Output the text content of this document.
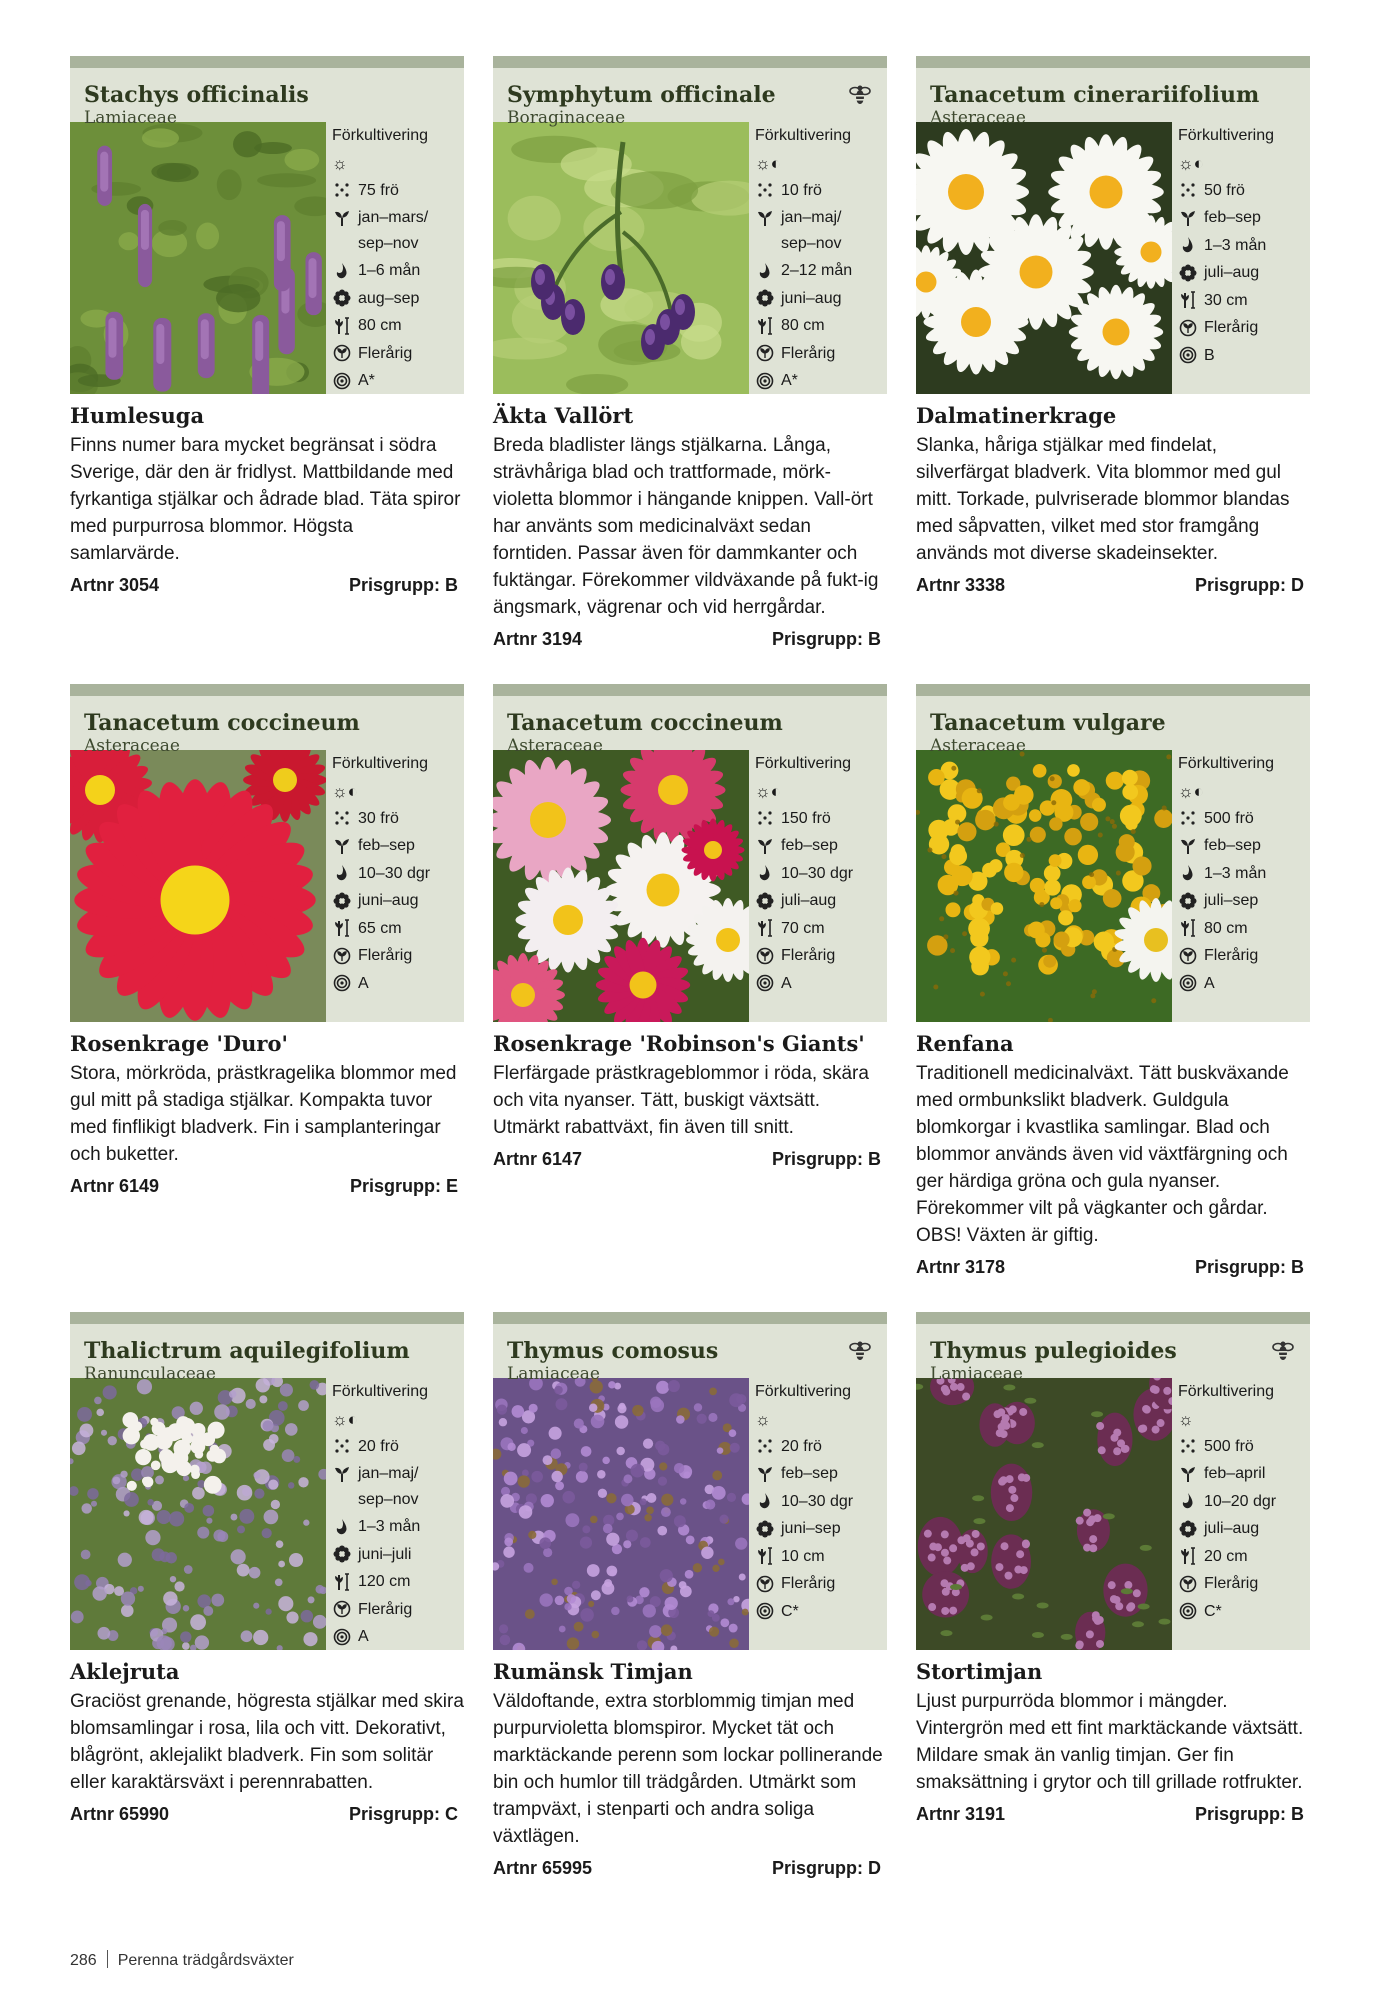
Stachys officinalis
Lamiaceae
Förkultivering
☼
75 frö
jan–mars/
sep–nov
1–6 mån
aug–sep
80 cm
Flerårig
A*
Humlesuga
Finns numer bara mycket begränsat i södra Sverige, där den är fridlyst. Mattbildande med fyrkantiga stjälkar och ådrade blad. Täta spiror med purpurrosa blommor. Högsta samlarvärde.
Artnr 3054	Prisgrupp: B
Symphytum officinale
Boraginaceae
Förkultivering
☼◐
10 frö
jan–maj/
sep–nov
2–12 mån
juni–aug
80 cm
Flerårig
A*
Äkta Vallört
Breda bladlister längs stjälkarna. Långa, strävhåriga blad och trattformade, mörk-violetta blommor i hängande knippen. Vall-ört har använts som medicinalväxt sedan forntiden. Passar även för dammkanter och fuktängar. Förekommer vildväxande på fukt-ig ängsmark, vägrenar och vid herrgårdar.
Artnr 3194	Prisgrupp: B
Tanacetum cinerariifolium
Asteraceae
Förkultivering
☼◐
50 frö
feb–sep
1–3 mån
juli–aug
30 cm
Flerårig
B
Dalmatinerkrage
Slanka, håriga stjälkar med findelat, silverfärgat bladverk. Vita blommor med gul mitt. Torkade, pulvriserade blommor blandas med såpvatten, vilket med stor framgång används mot diverse skadeinsekter.
Artnr 3338	Prisgrupp: D
Tanacetum coccineum
Asteraceae
Förkultivering
☼◐
30 frö
feb–sep
10–30 dgr
juni–aug
65 cm
Flerårig
A
Rosenkrage 'Duro'
Stora, mörkröda, prästkragelika blommor med gul mitt på stadiga stjälkar. Kompakta tuvor med finflikigt bladverk. Fin i samplanteringar och buketter.
Artnr 6149	Prisgrupp: E
Tanacetum coccineum
Asteraceae
Förkultivering
☼◐
150 frö
feb–sep
10–30 dgr
juli–aug
70 cm
Flerårig
A
Rosenkrage 'Robinson's Giants'
Flerfärgade prästkrageblommor i röda, skära och vita nyanser. Tätt, buskigt växtsätt. Utmärkt rabattväxt, fin även till snitt.
Artnr 6147	Prisgrupp: B
Tanacetum vulgare
Asteraceae
Förkultivering
☼◐
500 frö
feb–sep
1–3 mån
juli–sep
80 cm
Flerårig
A
Renfana
Traditionell medicinalväxt. Tätt buskväxande med ormbunkslikt bladverk. Guldgula blomkorgar i kvastlika samlingar. Blad och blommor används även vid växtfärgning och ger härdiga gröna och gula nyanser. Förekommer vilt på vägkanter och gårdar. OBS! Växten är giftig.
Artnr 3178	Prisgrupp: B
Thalictrum aquilegifolium
Ranunculaceae
Förkultivering
☼◐
20 frö
jan–maj/
sep–nov
1–3 mån
juni–juli
120 cm
Flerårig
A
Aklejruta
Graciöst grenande, högresta stjälkar med skira blomsamlingar i rosa, lila och vitt. Dekorativt, blågrönt, aklejalikt bladverk. Fin som solitär eller karaktärsväxt i perennrabatten.
Artnr 65990	Prisgrupp: C
Thymus comosus
Lamiaceae
Förkultivering
☼
20 frö
feb–sep
10–30 dgr
juni–sep
10 cm
Flerårig
C*
Rumänsk Timjan
Väldoftande, extra storblommig timjan med purpurvioletta blomspiror. Mycket tät och marktäckande perenn som lockar pollinerande bin och humlor till trädgården. Utmärkt som trampväxt, i stenparti och andra soliga växtlägen.
Artnr 65995	Prisgrupp: D
Thymus pulegioides
Lamiaceae
Förkultivering
☼
500 frö
feb–april
10–20 dgr
juli–aug
20 cm
Flerårig
C*
Stortimjan
Ljust purpurröda blommor i mängder. Vintergrön med ett fint marktäckande växtsätt. Mildare smak än vanlig timjan. Ger fin smaksättning i grytor och till grillade rotfrukter.
Artnr 3191	Prisgrupp: B
286 Perenna trädgårdsväxter
